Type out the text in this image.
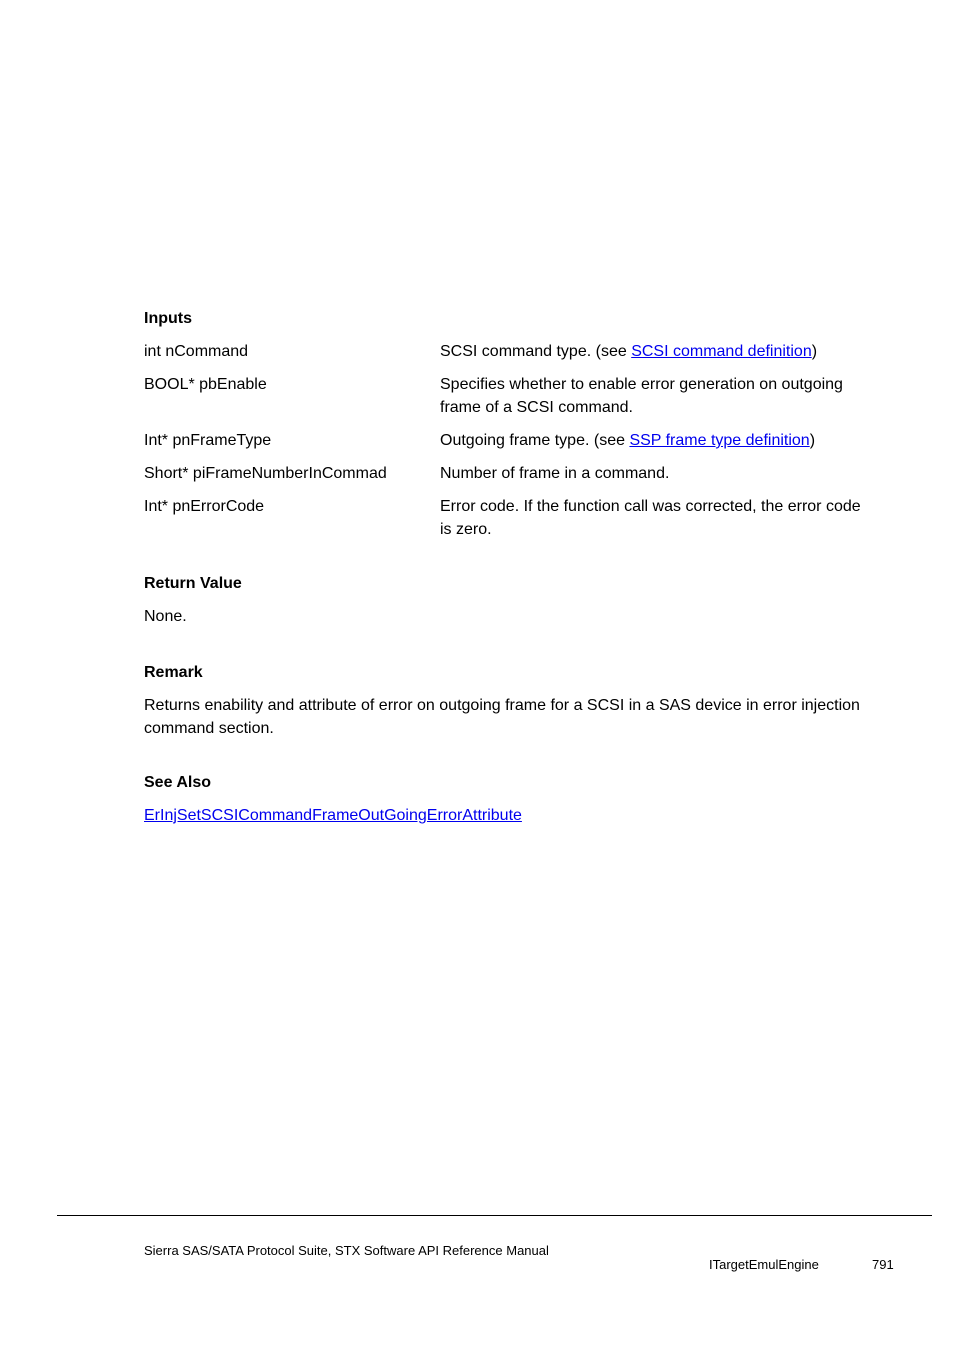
Inputs

int nCommand	SCSI command type. (see SCSI command definition)
BOOL* pbEnable	Specifies whether to enable error generation on outgoing frame of a SCSI command.
Int* pnFrameType	Outgoing frame type. (see SSP frame type definition)
Short* piFrameNumberInCommad	Number of frame in a command.
Int* pnErrorCode	Error code. If the function call was corrected, the error code is zero.

Return Value

None.

Remark

Returns enability and attribute of error on outgoing frame for a SCSI in a SAS device in error injection command section.

See Also

ErInjSetSCSICommandFrameOutGoingErrorAttribute

Sierra SAS/SATA Protocol Suite, STX Software API Reference Manual
ITargetEmulEngine	791
